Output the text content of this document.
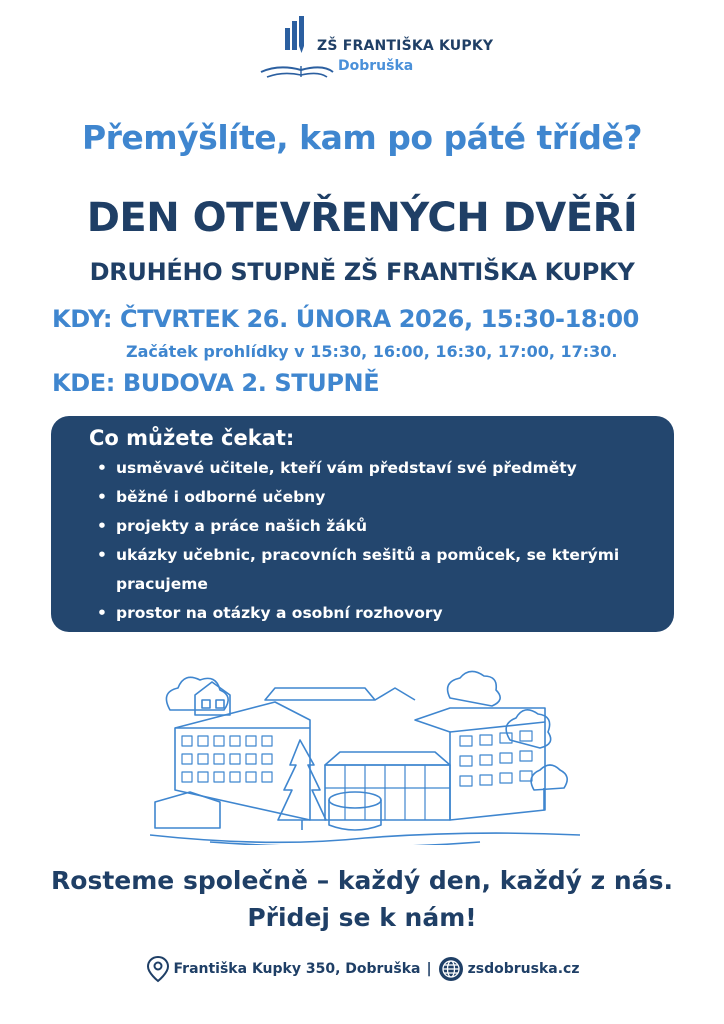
ZŠ FRANTIŠKA KUPKY
Dobruška
Přemýšlíte, kam po páté třídě?
DEN OTEVŘENÝCH DVĚŘÍ
DRUHÉHO STUPNĚ ZŠ FRANTIŠKA KUPKY
KDY: ČTVRTEK 26. ÚNORA 2026, 15:30-18:00
Začátek prohlídky v 15:30, 16:00, 16:30, 17:00, 17:30.
KDE: BUDOVA 2. STUPNĚ
Co můžete čekat:
• usměvavé učitele, kteří vám představí své předměty
• běžné i odborné učebny
• projekty a práce našich žáků
• ukázky učebnic, pracovních sešitů a pomůcek, se kterými pracujeme
• prostor na otázky a osobní rozhovory
Rosteme společně – každý den, každý z nás.
Přidej se k nám!
Františka Kupky 350, Dobruška |	zsdobruska.cz
